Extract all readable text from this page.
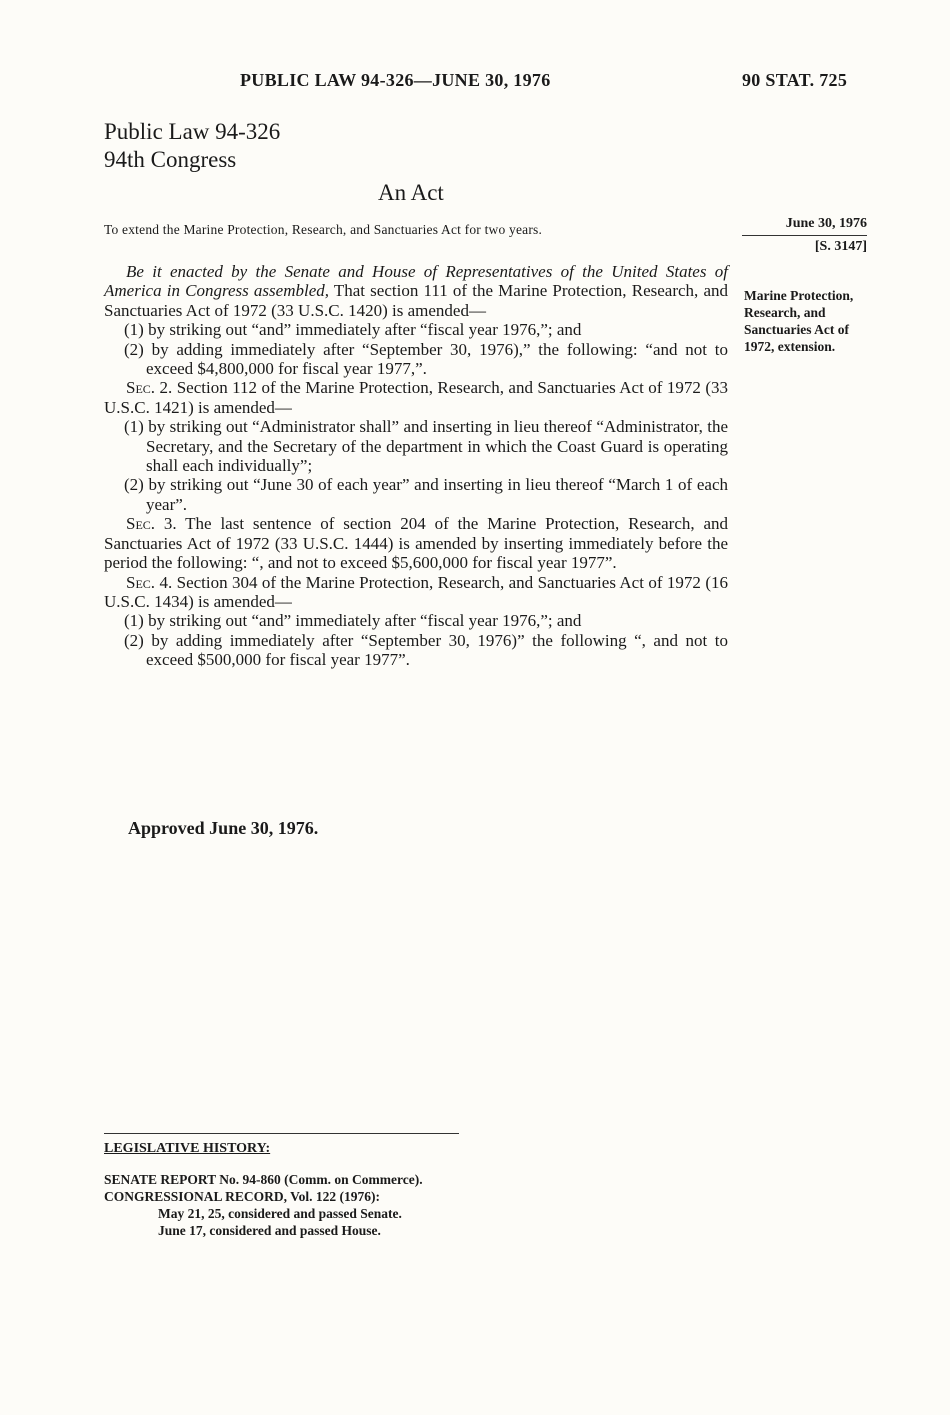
PUBLIC LAW 94-326—JUNE 30, 1976	90 STAT. 725
Public Law 94-326
94th Congress
An Act
To extend the Marine Protection, Research, and Sanctuaries Act for two years.	June 30, 1976
[S. 3147]
Marine Protection, Research, and Sanctuaries Act of 1972, extension.

Be it enacted by the Senate and House of Representatives of the United States of America in Congress assembled, That section 111 of the Marine Protection, Research, and Sanctuaries Act of 1972 (33 U.S.C. 1420) is amended—

(1) by striking out “and” immediately after “fiscal year 1976,”; and

(2) by adding immediately after “September 30, 1976),” the following: “and not to exceed $4,800,000 for fiscal year 1977,”.

Sec. 2. Section 112 of the Marine Protection, Research, and Sanctuaries Act of 1972 (33 U.S.C. 1421) is amended—

(1) by striking out “Administrator shall” and inserting in lieu thereof “Administrator, the Secretary, and the Secretary of the department in which the Coast Guard is operating shall each individually”;

(2) by striking out “June 30 of each year” and inserting in lieu thereof “March 1 of each year”.

Sec. 3. The last sentence of section 204 of the Marine Protection, Research, and Sanctuaries Act of 1972 (33 U.S.C. 1444) is amended by inserting immediately before the period the following: “, and not to exceed $5,600,000 for fiscal year 1977”.

Sec. 4. Section 304 of the Marine Protection, Research, and Sanctuaries Act of 1972 (16 U.S.C. 1434) is amended—

(1) by striking out “and” immediately after “fiscal year 1976,”; and

(2) by adding immediately after “September 30, 1976)” the following “, and not to exceed $500,000 for fiscal year 1977”.

Approved June 30, 1976.
LEGISLATIVE HISTORY:
SENATE REPORT No. 94-860 (Comm. on Commerce).
CONGRESSIONAL RECORD, Vol. 122 (1976):
May 21, 25, considered and passed Senate.
June 17, considered and passed House.
